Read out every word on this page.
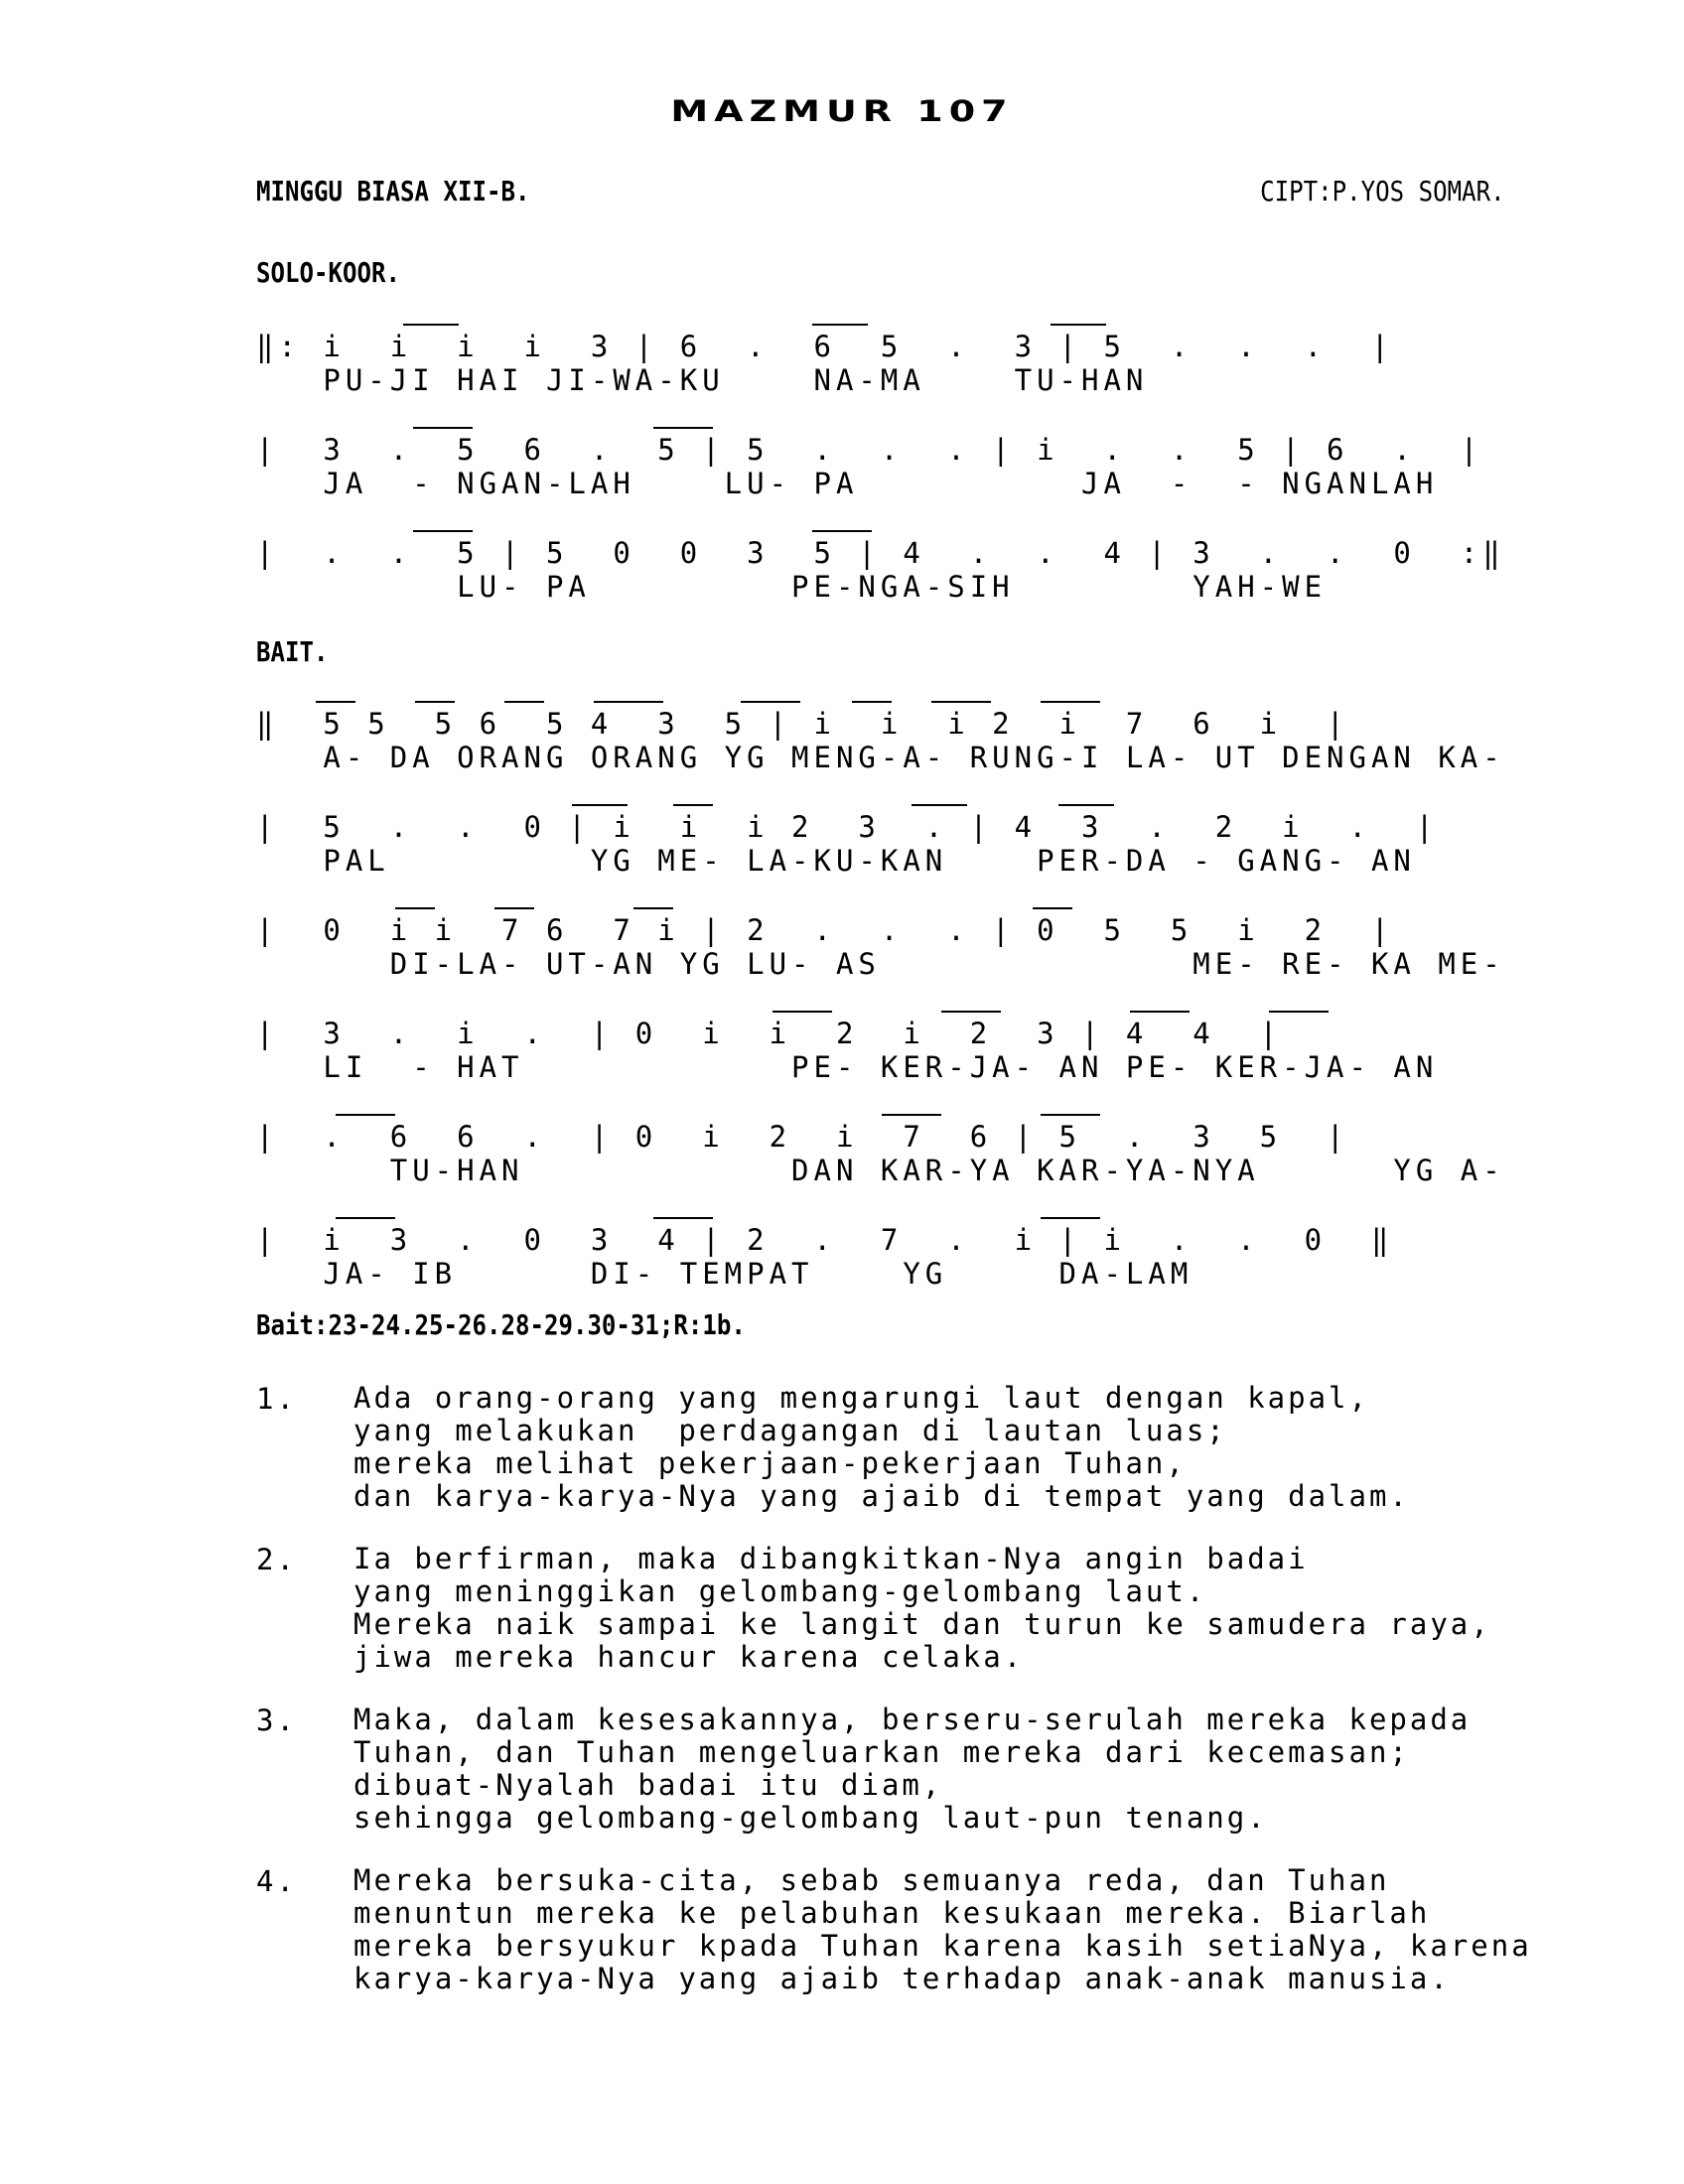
MAZMUR 107
MINGGU BIASA XII-B.	CIPT:P.YOS SOMAR.
SOLO-KOOR.
‖: i  i  i  i  3 | 6  .  6  5  .  3 | 5  .  .  .  |
PU-JI HAI JI-WA-KU    NA-MA    TU-HAN
|  3  .  5  6  .  5 | 5  .  .  . | i  .  .  5 | 6  .  |
JA  - NGAN-LAH    LU- PA          JA  -  - NGANLAH
|  .  .  5 | 5  0  0  3  5 | 4  .  .  4 | 3  .  .  0  :‖
LU- PA         PE-NGA-SIH        YAH-WE
BAIT.
‖  5 5  5 6  5 4  3  5 | i  i  i 2  i  7  6  i  |
A- DA ORANG ORANG YG MENG-A- RUNG-I LA- UT DENGAN KA-
|  5  .  .  0 | i  i  i 2  3  . | 4  3  .  2  i  .  |
PAL         YG ME- LA-KU-KAN    PER-DA - GANG- AN
|  0  i i  7 6  7 i | 2  .  .  . | 0  5  5  i  2  |
DI-LA- UT-AN YG LU- AS              ME- RE- KA ME-
|  3  .  i  .  | 0  i  i  2  i  2  3 | 4  4  |
LI  - HAT            PE- KER-JA- AN PE- KER-JA- AN
|  .  6  6  .  | 0  i  2  i  7  6 | 5  .  3  5  |
TU-HAN            DAN KAR-YA KAR-YA-NYA      YG A-
|  i  3  .  0  3  4 | 2  .  7  .  i | i  .  .  0  ‖
JA- IB      DI- TEMPAT    YG     DA-LAM
Bait:23-24.25-26.28-29.30-31;R:1b.
1. Ada orang-orang yang mengarungi laut dengan kapal,
yang melakukan  perdagangan di lautan luas;
mereka melihat pekerjaan-pekerjaan Tuhan,
dan karya-karya-Nya yang ajaib di tempat yang dalam.
2. Ia berfirman, maka dibangkitkan-Nya angin badai
yang meninggikan gelombang-gelombang laut.
Mereka naik sampai ke langit dan turun ke samudera raya,
jiwa mereka hancur karena celaka.
3. Maka, dalam kesesakannya, berseru-serulah mereka kepada
Tuhan, dan Tuhan mengeluarkan mereka dari kecemasan;
dibuat-Nyalah badai itu diam,
sehingga gelombang-gelombang laut-pun tenang.
4. Mereka bersuka-cita, sebab semuanya reda, dan Tuhan
menuntun mereka ke pelabuhan kesukaan mereka. Biarlah
mereka bersyukur kpada Tuhan karena kasih setiaNya, karena
karya-karya-Nya yang ajaib terhadap anak-anak manusia.
